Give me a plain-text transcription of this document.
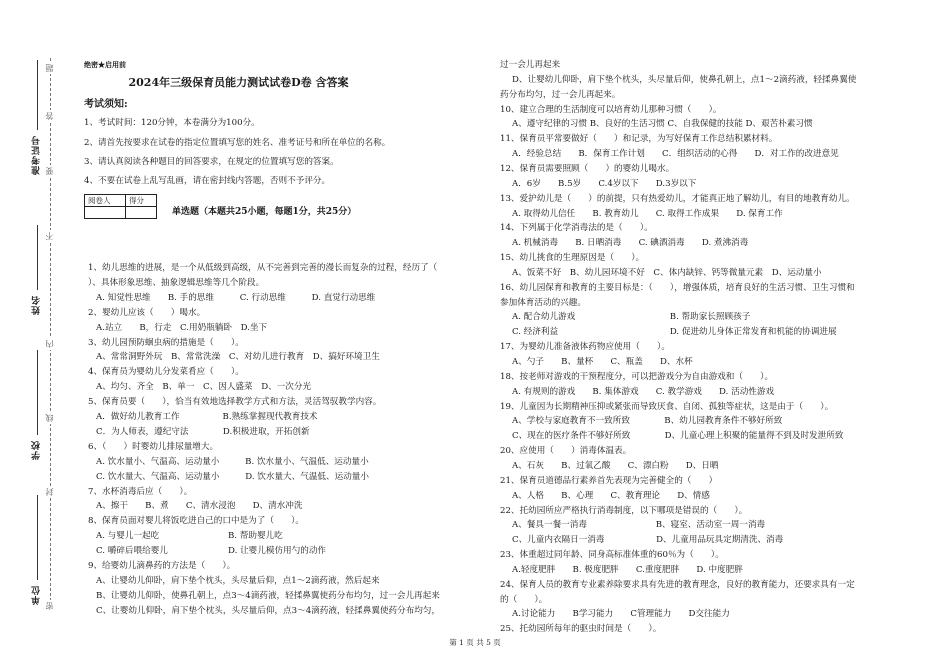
准考证号
姓名
学校
单位
密
封
线
内
不
要
答
题	绝密★启用前
2024年三级保育员能力测试试卷D卷 含答案
考试须知:
1、考试时间：120分钟，本卷满分为100分。
2、请首先按要求在试卷的指定位置填写您的姓名、准考证号和所在单位的名称。
3、请认真阅读各种题目的回答要求，在规定的位置填写您的答案。
4、不要在试卷上乱写乱画，请在密封线内答题，否则不予评分。
阅卷人	得分

单选题（本题共25小题，每题1分，共25分）
1、幼儿思维的进展，是一个从低级到高级，从不完善到完善的漫长而复杂的过程，经历了（
）、具体形象思维、抽象逻辑思维等几个阶段。
A. 知觉性思维　　B. 手的思维　　　C. 行动思维　　　D. 直觉行动思维
2、婴幼儿应该（　　）喝水。
A.站立　　B，行走　C.用奶瓶躺卧　D.坐下
3、幼儿园预防蛔虫病的措施是（　　）。
A、常常洞野外玩　B、常常洗澡　C、对幼儿进行教育　D、搞好环境卫生
4、保育员为婴幼儿分发菜肴应（　　）。
A、均匀、齐全　B、单一　C、因人盛菜　D、一次分光
5、保育员要（　　），恰当有效地选择教学方式和方法，灵活驾驭教学内容。
A．做好幼儿教育工作　　　　　B.熟练掌握现代教育技术
C．为人师表，遵纪守法　　　　D.积极进取，开拓创新
6、（　　）时婴幼儿排尿量增大。
A. 饮水量小、气温高、运动量小　　　B. 饮水量小、气温低、运动量小
C. 饮水量大、气温高、运动量小　　　D. 饮水量大、气温低、运动量小
7、水杯消毒后应（　　）。
A、擦干　　B、煮　　C、清水浸泡　　D、清水冲洗
8、保育员面对婴儿将饭吃进自己的口中是为了（　　）。
A. 与婴儿一起吃　　　　　　　　B. 帮助婴儿吃
C. 嚼碎后喂给婴儿　　　　　　　D. 让婴儿模仿用勺的动作
9、给婴幼儿滴鼻药的方法是（　　）。
A、让婴幼儿仰卧，肩下垫个枕头，头尽量后仰，点1～2滴药液，然后起来
B、让婴幼儿仰卧，使鼻孔朝上，点3～4滴药液，轻揉鼻翼使药分布均匀，过一会儿再起来
C、让婴幼儿仰卧，肩下垫个枕头，头尽量后仰，点3～4滴药液，轻揉鼻翼使药分布均匀，
过一会儿再起来
D、让婴幼儿仰卧，肩下垫个枕头，头尽量后仰，使鼻孔朝上，点1～2滴药液，轻揉鼻翼使
药分布均匀，过一会儿再起来。
10、建立合理的生活制度可以培育幼儿那种习惯（　　）。
A、遵守纪律的习惯 B、良好的生活习惯 C、自我保健的技能 D、艰苦朴素习惯
11、保育员平常要做好（　　）和记录，为写好保育工作总结积累材料。
A．经验总结　　B．保育工作计划　　C．组织活动的心得　　D．对工作的改进意见
12、保育员需要照顾（　　）的婴幼儿喝水。
A．6岁　　B.5岁　　C.4岁以下　　D.3岁以下
13、爱护幼儿是（　　）的前提，只有热爱幼儿，才能真正地了解幼儿，有目的地教育幼儿。
A. 取得幼儿信任　　B. 教育幼儿　　C. 取得工作成果　　D. 保育工作
14、下列属于化学消毒法的是（　　）。
A. 机械消毒　　B. 日晒消毒　　C. 碘酒消毒　　D. 煮沸消毒
15、幼儿挑食的生理原因是（　　）。
A、饭菜不好　B、幼儿园环境不好　C、体内缺锌、钙等微量元素　D、运动量小
16、幼儿园保育和教育的主要目标是：（　　），增强体质，培育良好的生活习惯、卫生习惯和
参加体育活动的兴趣。
A. 配合幼儿游戏　　　　　　　　　　　B. 帮助家长照顾孩子
C. 经济利益　　　　　　　　　　　　　D. 促进幼儿身体正常发育和机能的协调进展
17、为婴幼儿准备液体药物应使用（　　）。
A、勺子　　B、量杯　　C、瓶盖　　D、水杯
18、按老师对游戏的干预程度分，可以把游戏分为自由游戏和（　　）。
A. 有规则的游戏　　B. 集体游戏　　C. 教学游戏　　D. 活动性游戏
19、儿童因为长期精神压抑或紧张而导致厌食、自闭、孤独等症状，这是由于（　　）。
A、学校与家庭教育不一致所致　　　　B、幼儿园教育条件不够好所致
C、现在的医疗条件不够好所致　　　　D、儿童心理上积聚的能量得不到及时发泄所致
20、应使用（　　）消毒体温表。
A、石灰　　B、过氧乙酸　　C、漂白粉　　D、日晒
21、保育员道德品行素养首先表现为完善健全的（　　）
A、人格　　B、心理　　C、教育理论　　D、情感
22、托幼园所应严格执行消毒制度，以下哪项是错误的（　　）。
A、餐具一餐一消毒　　　　　　　　B、寝室、活动室一周一消毒
C、儿童内衣隔日一消毒　　　　　　D、儿童用品玩具定期清洗、消毒
23、体重超过同年龄、同身高标准体重的60％为（　　）。
A.轻度肥胖　　B. 极度肥胖　　C.重度肥胖　　D. 中度肥胖
24、保育人员的教育专业素养除要求具有先进的教育理念，良好的教育能力，还要求具有一定
的（　　）。
A.讨论能力　　B学习能力　　C管理能力　　D交往能力
25、托幼园所每年的驱虫时间是（　　）。
第 1 页 共 5 页
